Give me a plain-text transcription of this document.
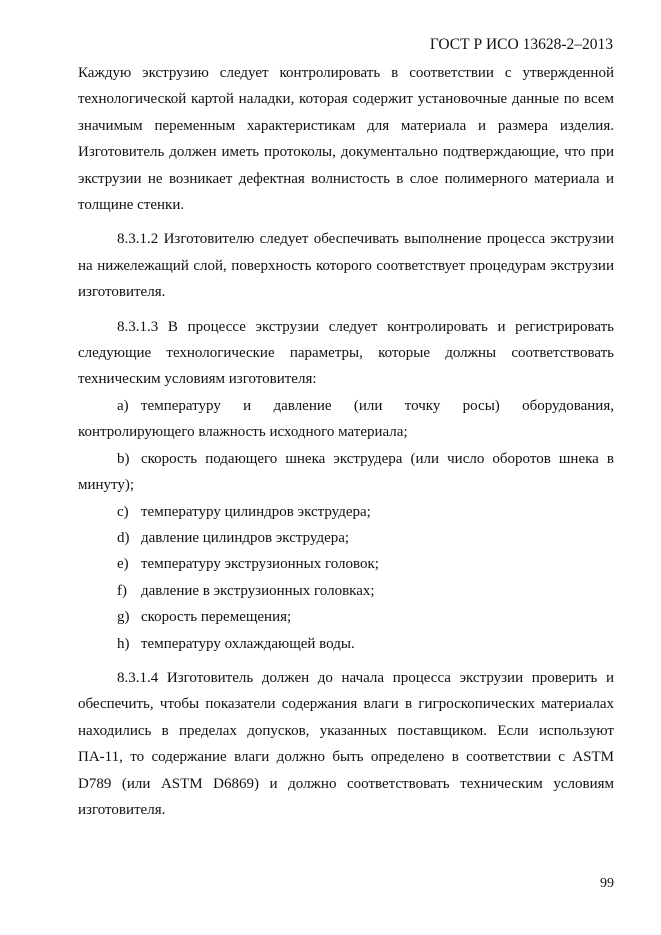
ГОСТ Р ИСО 13628-2–2013

Каждую экструзию следует контролировать в соответствии с утвержденной технологической картой наладки, которая содержит установочные данные по всем значимым переменным характеристикам для материала и размера изделия. Изготовитель должен иметь протоколы, документально подтверждающие, что при экструзии не возникает дефектная волнистость в слое полимерного материала и толщине стенки.

8.3.1.2 Изготовителю следует обеспечивать выполнение процесса экструзии на нижележащий слой, поверхность которого соответствует процедурам экструзии изготовителя.

8.3.1.3 В процессе экструзии следует контролировать и регистрировать следующие технологические параметры, которые должны соответствовать техническим условиям изготовителя:

a) температуру и давление (или точку росы) оборудования, контролирующего влажность исходного материала;

b) скорость подающего шнека экструдера (или число оборотов шнека в минуту);

c) температуру цилиндров экструдера;

d) давление цилиндров экструдера;

e) температуру экструзионных головок;

f) давление в экструзионных головках;

g) скорость перемещения;

h) температуру охлаждающей воды.

8.3.1.4 Изготовитель должен до начала процесса экструзии проверить и обеспечить, чтобы показатели содержания влаги в гигроскопических материалах находились в пределах допусков, указанных поставщиком. Если используют ПА-11, то содержание влаги должно быть определено в соответствии с ASTM D789 (или ASTM D6869) и должно соответствовать техническим условиям изготовителя.

99
